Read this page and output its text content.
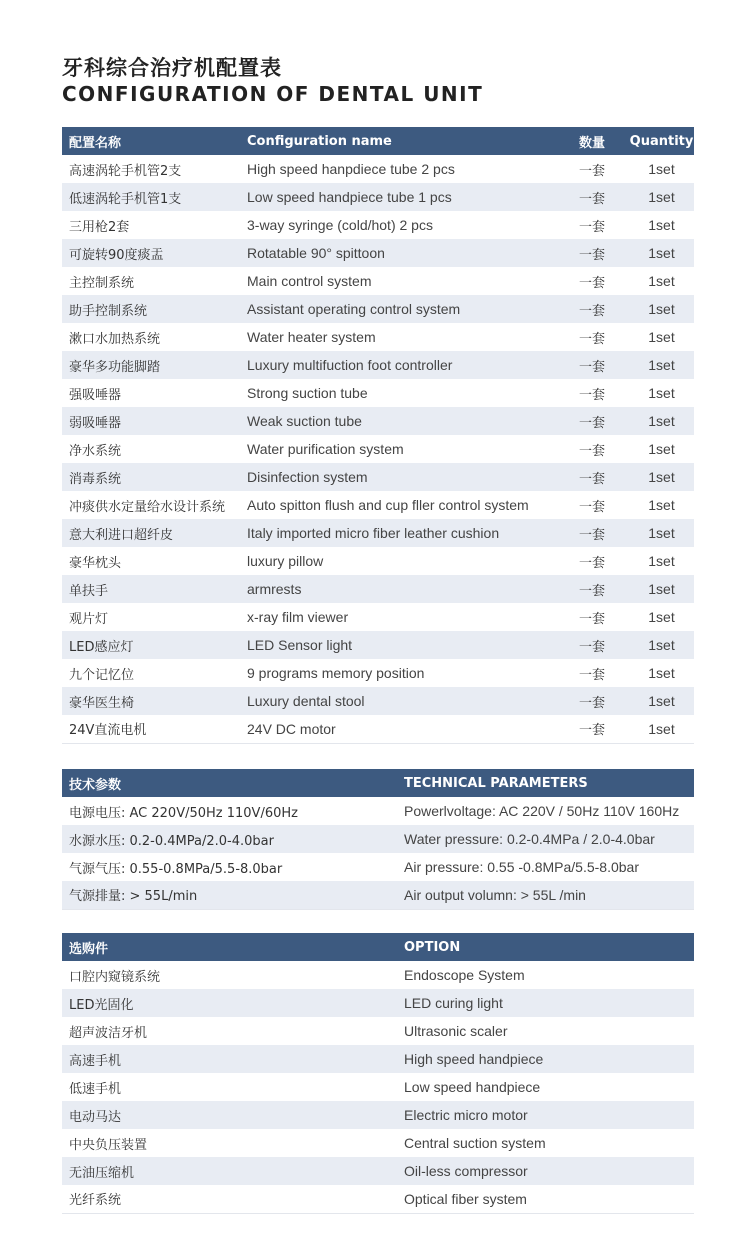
牙科综合治疗机配置表
CONFIGURATION OF DENTAL UNIT
配置名称	Configuration name	数量	Quantity
高速涡轮手机管2支	High speed hanpdiece tube 2 pcs	一套	1set
低速涡轮手机管1支	Low speed handpiece tube 1 pcs	一套	1set
三用枪2套	3-way syringe (cold/hot) 2 pcs	一套	1set
可旋转90度痰盂	Rotatable 90° spittoon	一套	1set
主控制系统	Main control system	一套	1set
助手控制系统	Assistant operating control system	一套	1set
漱口水加热系统	Water heater system	一套	1set
豪华多功能脚踏	Luxury multifuction foot controller	一套	1set
强吸唾器	Strong suction tube	一套	1set
弱吸唾器	Weak suction tube	一套	1set
净水系统	Water purification system	一套	1set
消毒系统	Disinfection system	一套	1set
冲痰供水定量给水设计系统	Auto spitton flush and cup fller control system	一套	1set
意大利进口超纤皮	Italy imported micro fiber leather cushion	一套	1set
豪华枕头	luxury pillow	一套	1set
单扶手	armrests	一套	1set
观片灯	x-ray film viewer	一套	1set
LED感应灯	LED Sensor light	一套	1set
九个记忆位	9 programs memory position	一套	1set
豪华医生椅	Luxury dental stool	一套	1set
24V直流电机	24V DC motor	一套	1set
技术参数	TECHNICAL PARAMETERS
电源电压: AC 220V/50Hz 110V/60Hz	Powerlvoltage: AC 220V / 50Hz 110V 160Hz
水源水压: 0.2-0.4MPa/2.0-4.0bar	Water pressure: 0.2-0.4MPa / 2.0-4.0bar
气源气压: 0.55-0.8MPa/5.5-8.0bar	Air pressure: 0.55 -0.8MPa/5.5-8.0bar
气源排量: > 55L/min	Air output volumn: > 55L /min
选购件	OPTION
口腔内窥镜系统	Endoscope System
LED光固化	LED curing light
超声波洁牙机	Ultrasonic scaler
高速手机	High speed handpiece
低速手机	Low speed handpiece
电动马达	Electric micro motor
中央负压装置	Central suction system
无油压缩机	Oil-less compressor
光纤系统	Optical fiber system
